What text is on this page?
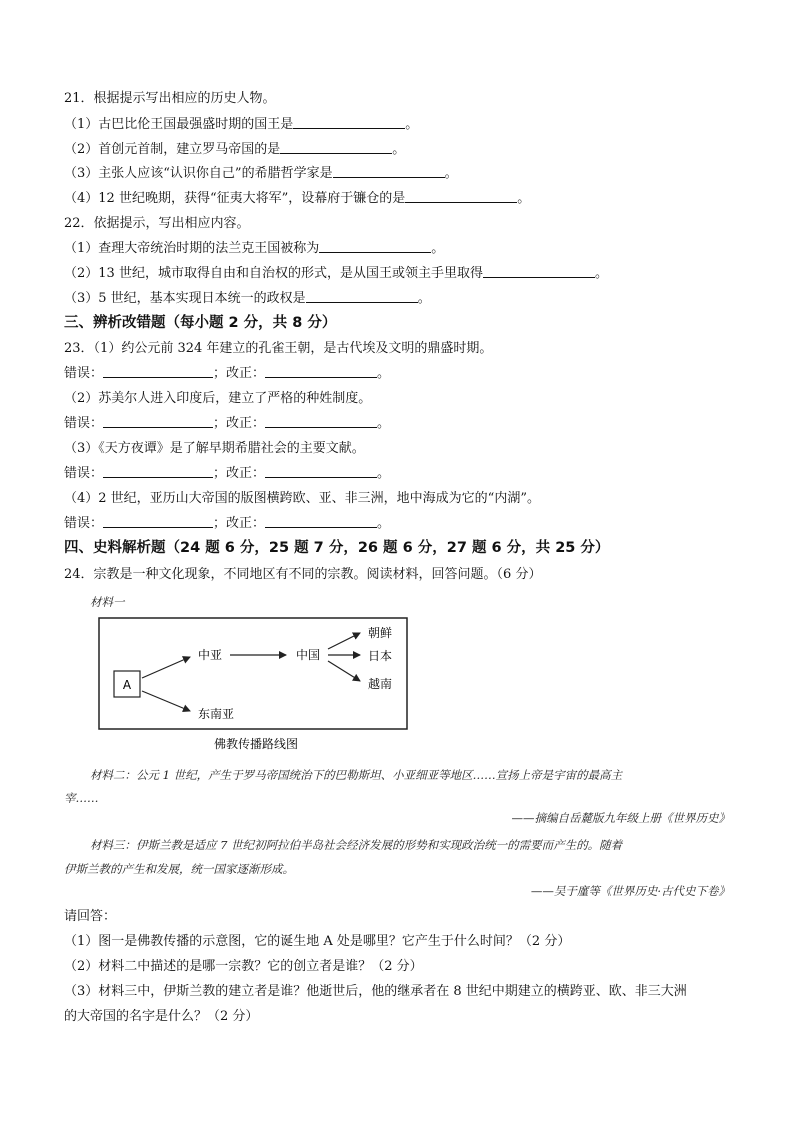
21．根据提示写出相应的历史人物。
（1）古巴比伦王国最强盛时期的国王是	。
（2）首创元首制，建立罗马帝国的是	。
（3）主张人应该“认识你自己”的希腊哲学家是	。
（4）12 世纪晚期，获得“征夷大将军”，设幕府于镰仓的是	。
22．依据提示，写出相应内容。
（1）查理大帝统治时期的法兰克王国被称为	。
（2）13 世纪，城市取得自由和自治权的形式，是从国王或领主手里取得	。
（3）5 世纪，基本实现日本统一的政权是	。
三、辨析改错题（每小题 2 分，共 8 分）
23．（1）约公元前 324 年建立的孔雀王朝，是古代埃及文明的鼎盛时期。
错误：	；改正：	。
（2）苏美尔人进入印度后，建立了严格的种姓制度。
错误：	；改正：	。
（3）《天方夜谭》是了解早期希腊社会的主要文献。
错误：	；改正：	。
（4）2 世纪，亚历山大帝国的版图横跨欧、亚、非三洲，地中海成为它的“内湖”。
错误：	；改正：	。
四、史料解析题（24 题 6 分，25 题 7 分，26 题 6 分，27 题 6 分，共 25 分）
24．宗教是一种文化现象，不同地区有不同的宗教。阅读材料，回答问题。（6 分）
材料一
A
中亚	中国
朝鲜
日本
越南
东南亚
佛教传播路线图
材料二：公元 1 世纪，产生于罗马帝国统治下的巴勒斯坦、小亚细亚等地区……宣扬上帝是宇宙的最高主
宰……
——摘编自岳麓版九年级上册《世界历史》
材料三：伊斯兰教是适应 7 世纪初阿拉伯半岛社会经济发展的形势和实现政治统一的需要而产生的。随着
伊斯兰教的产生和发展，统一国家逐渐形成。
——吴于廑等《世界历史·古代史下卷》
请回答：
（1）图一是佛教传播的示意图，它的诞生地 A 处是哪里？它产生于什么时间？（2 分）
（2）材料二中描述的是哪一宗教？它的创立者是谁？（2 分）
（3）材料三中，伊斯兰教的建立者是谁？他逝世后，他的继承者在 8 世纪中期建立的横跨亚、欧、非三大洲
的大帝国的名字是什么？（2 分）
